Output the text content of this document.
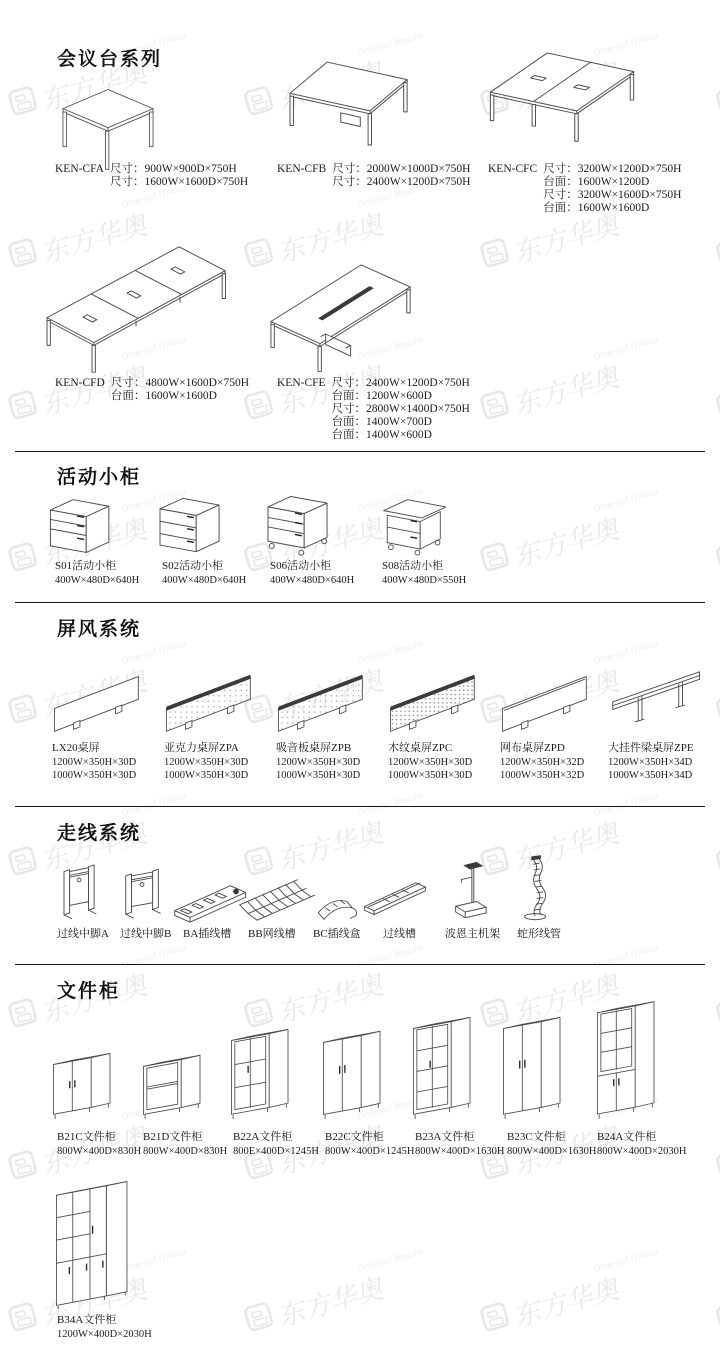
会议台系列
KEN-CFA 尺寸：900W×900D×750H
尺寸：1600W×1600D×750H
KEN-CFB 尺寸：2000W×1000D×750H
尺寸：2400W×1200D×750H
KEN-CFC 尺寸：3200W×1200D×750H
台面：1600W×1200D
尺寸：3200W×1600D×750H
台面：1600W×1600D
KEN-CFD 尺寸：4800W×1600D×750H
台面：1600W×1600D
KEN-CFE 尺寸：2400W×1200D×750H
台面：1200W×600D
尺寸：2800W×1400D×750H
台面：1400W×700D
台面：1400W×600D
活动小柜
S01活动小柜
400W×480D×640H
S02活动小柜
400W×480D×640H
S06活动小柜
400W×480D×640H
S08活动小柜
400W×480D×550H
屏风系统
LX20桌屏
1200W×350H×30D
1000W×350H×30D
亚克力桌屏ZPA
1200W×350H×30D
1000W×350H×30D
吸音板桌屏ZPB
1200W×350H×30D
1000W×350H×30D
木纹桌屏ZPC
1200W×350H×30D
1000W×350H×30D
网布桌屏ZPD
1200W×350H×32D
1000W×350H×32D
大挂件梁桌屏ZPE
1200W×350H×34D
1000W×350H×34D
走线系统
过线中脚A 过线中脚B BA插线槽 BB网线槽 BC插线盒 过线槽	波恩主机架 蛇形线管
文件柜
B21C文件柜
800W×400D×830H
B21D文件柜
800W×400D×830H
B22A文件柜
800E×400D×1245H
B22C文件柜
800W×400D×1245H
B23A文件柜
800W×400D×1630H
B23C文件柜
800W×400D×1630H
B24A文件柜
800W×400D×2030H
B34A文件柜
1200W×400D×2030H
